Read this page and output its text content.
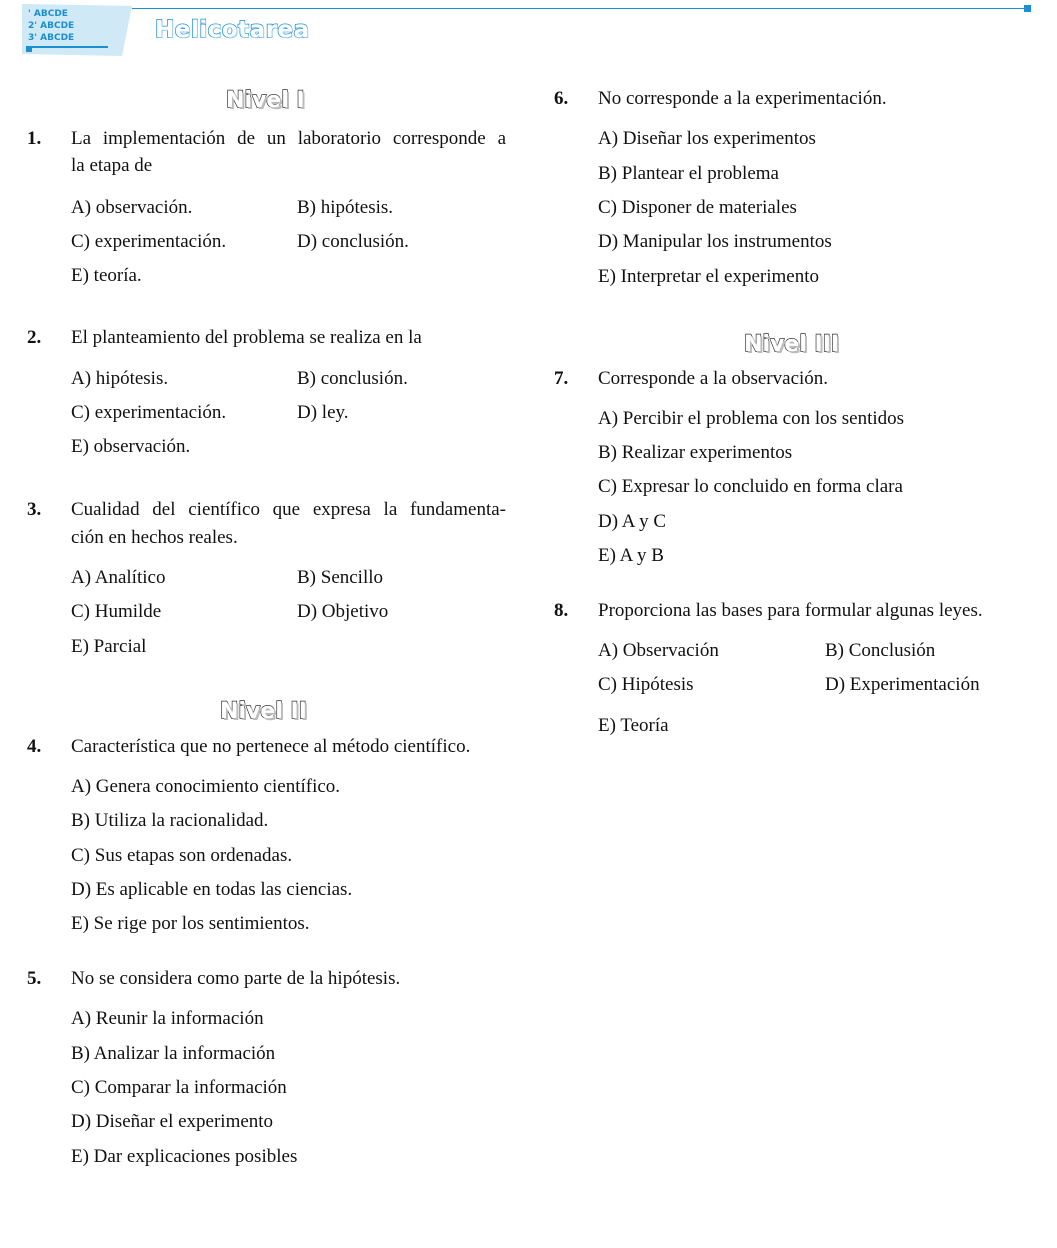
' ABCDE
2' ABCDE
3' ABCDE	Helicotarea
Nivel I
1. La implementación de un laboratorio corresponde a
la etapa de
A) observación.	B) hipótesis.
C) experimentación.	D) conclusión.
E) teoría.
2. El planteamiento del problema se realiza en la
A) hipótesis.	B) conclusión.
C) experimentación.	D) ley.
E) observación.
3. Cualidad del científico que expresa la fundamenta-
ción en hechos reales.
A) Analítico	B) Sencillo
C) Humilde	D) Objetivo
E) Parcial
Nivel II
4. Característica que no pertenece al método científico.
A) Genera conocimiento científico.
B) Utiliza la racionalidad.
C) Sus etapas son ordenadas.
D) Es aplicable en todas las ciencias.
E) Se rige por los sentimientos.
5. No se considera como parte de la hipótesis.
A) Reunir la información
B) Analizar la información
C) Comparar la información
D) Diseñar el experimento
E) Dar explicaciones posibles
6. No corresponde a la experimentación.
A) Diseñar los experimentos
B) Plantear el problema
C) Disponer de materiales
D) Manipular los instrumentos
E) Interpretar el experimento
Nivel III
7. Corresponde a la observación.
A) Percibir el problema con los sentidos
B) Realizar experimentos
C) Expresar lo concluido en forma clara
D) A y C
E) A y B
8. Proporciona las bases para formular algunas leyes.
A) Observación	B) Conclusión
C) Hipótesis	D) Experimentación
E) Teoría
